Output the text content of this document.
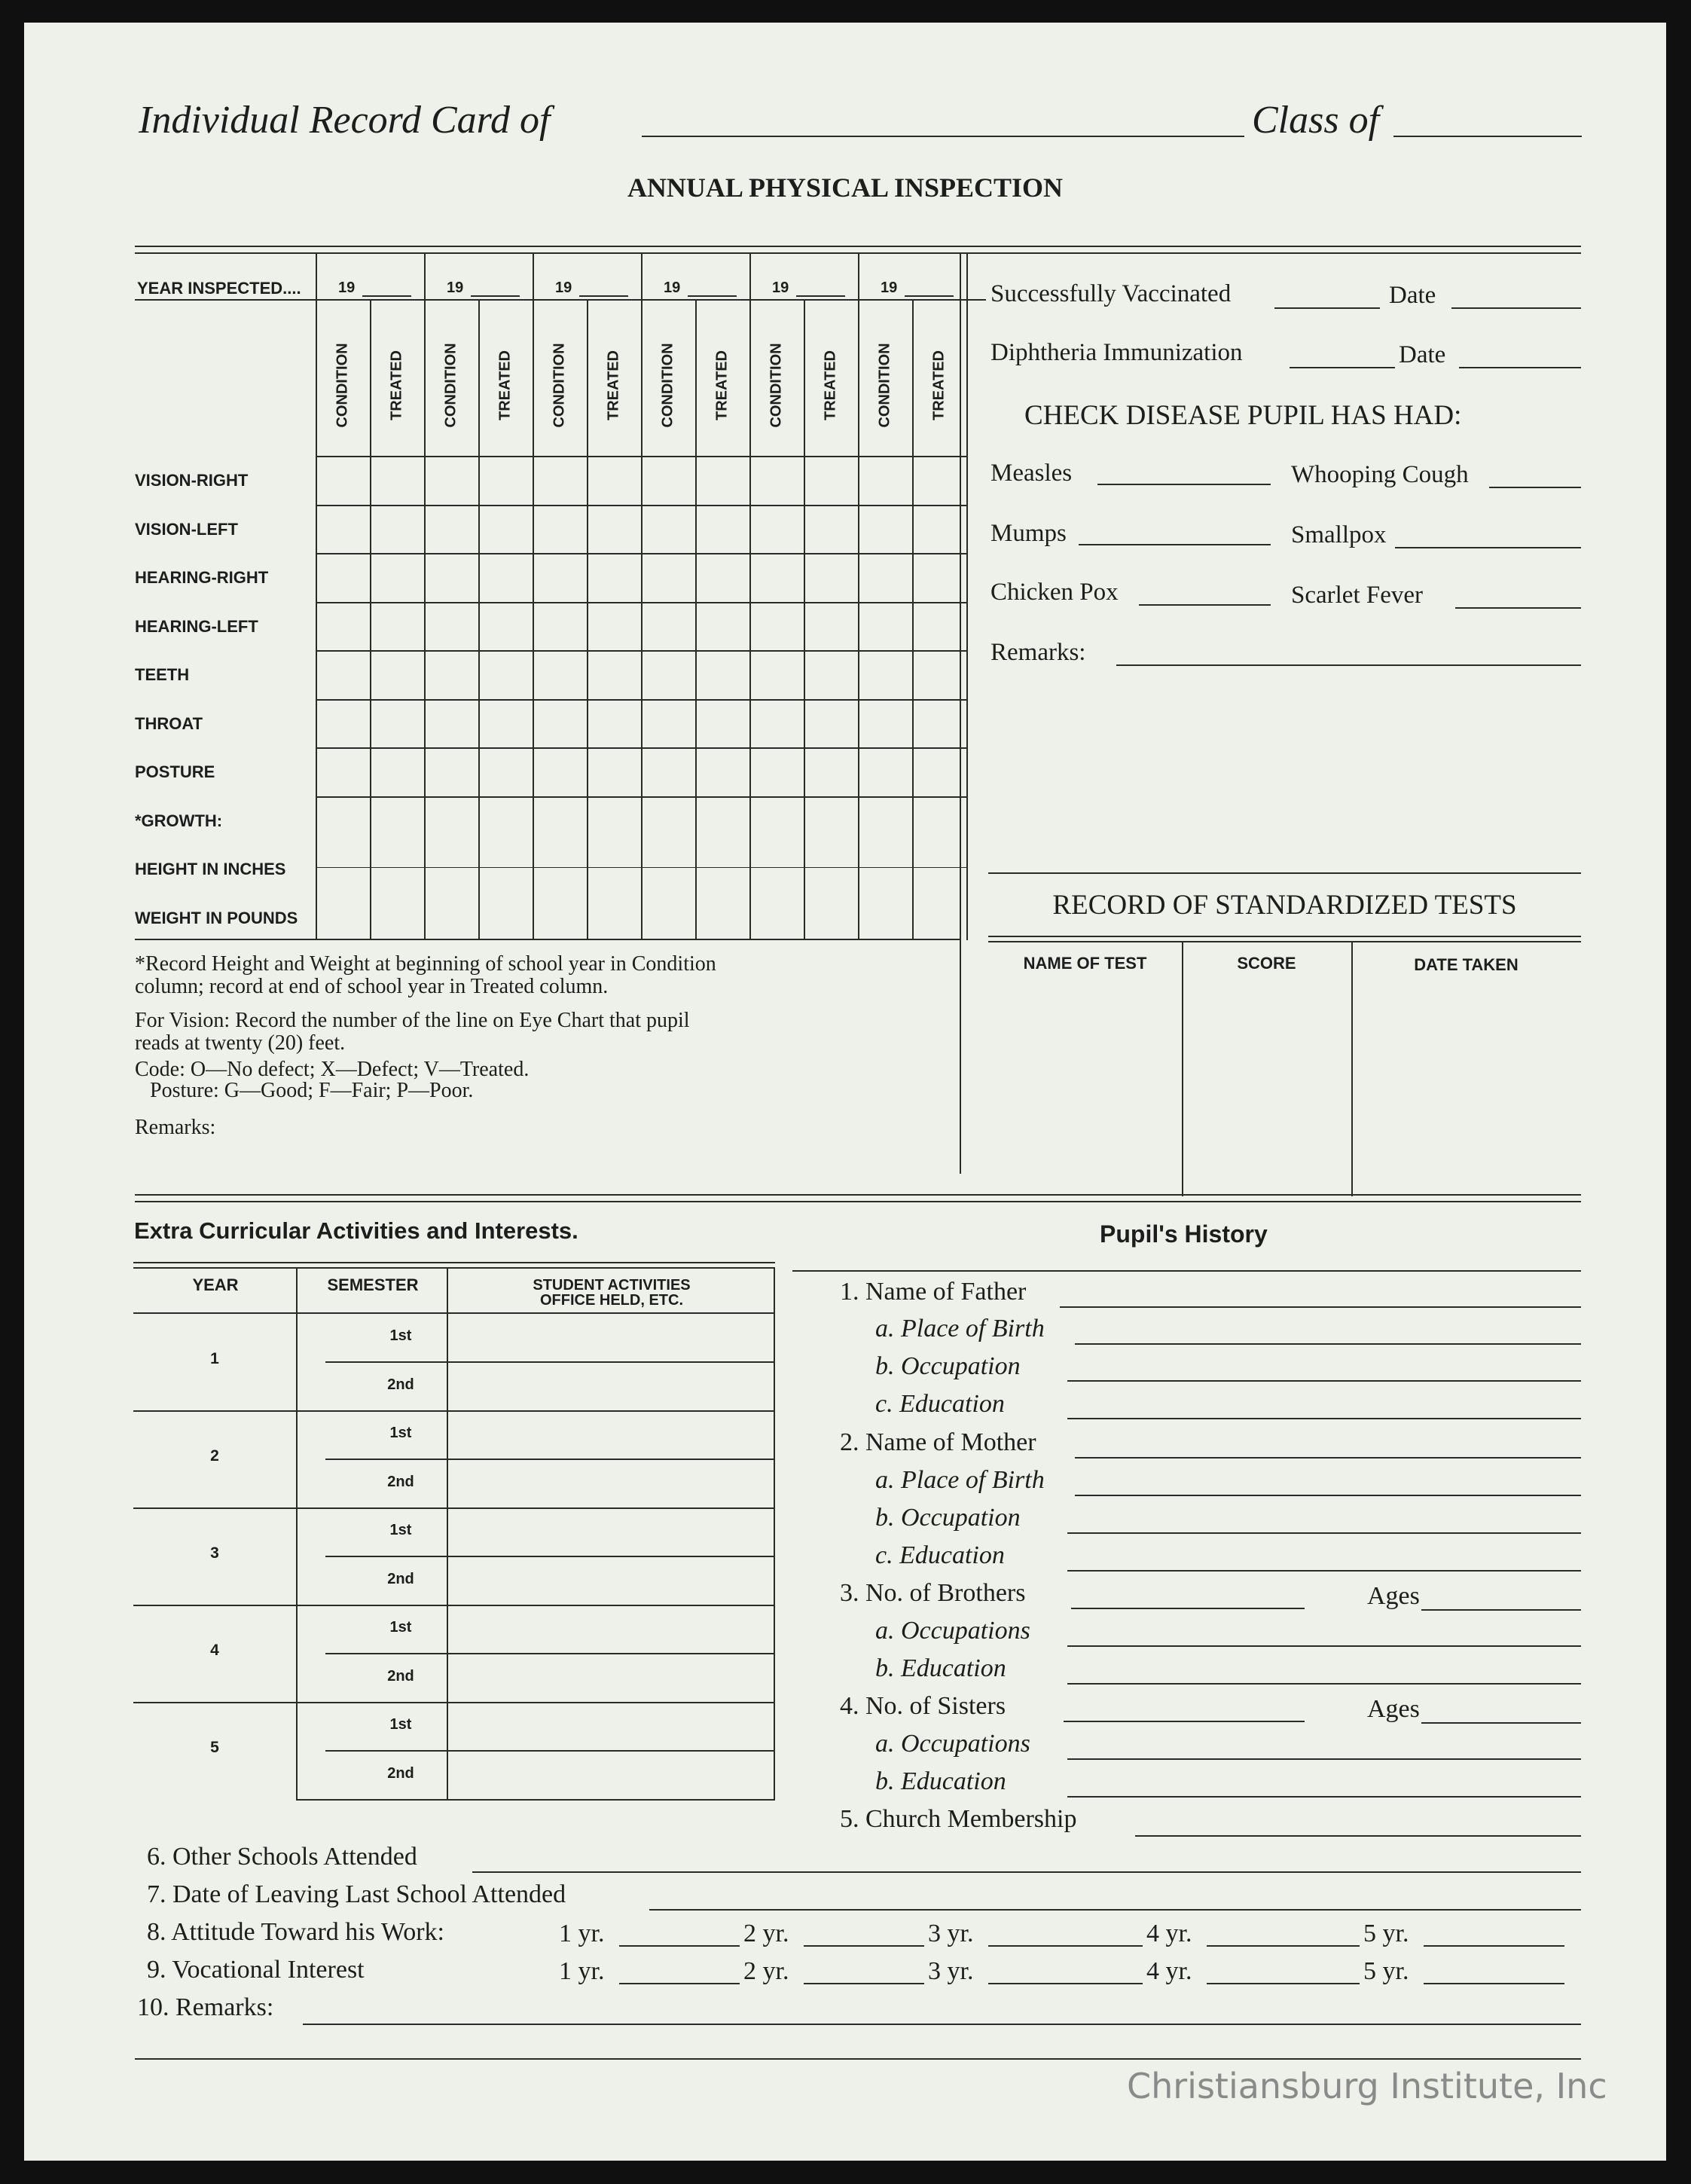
Individual Record Card of	Class of
ANNUAL PHYSICAL INSPECTION
YEAR INSPECTED.... 19	19	19	19	19	19
CONDITION	TREATED	CONDITION	TREATED	CONDITION	TREATED	CONDITION	TREATED	CONDITION	TREATED	CONDITION	TREATED
VISION-RIGHT
VISION-LEFT
HEARING-RIGHT
HEARING-LEFT
TEETH
THROAT
POSTURE
*GROWTH:
HEIGHT IN INCHES
WEIGHT IN POUNDS
*Record Height and Weight at beginning of school year in Condition
column; record at end of school year in Treated column.
For Vision: Record the number of the line on Eye Chart that pupil
reads at twenty (20) feet.
Code: O—No defect; X—Defect; V—Treated.
Posture: G—Good; F—Fair; P—Poor.
Remarks:
Successfully Vaccinated	Date
Diphtheria Immunization	Date
CHECK DISEASE PUPIL HAS HAD:
Measles	Whooping Cough
Mumps	Smallpox
Chicken Pox	Scarlet Fever
Remarks:
RECORD OF STANDARDIZED TESTS
NAME OF TEST	SCORE	DATE TAKEN
Extra Curricular Activities and Interests.
YEAR	SEMESTER	STUDENT ACTIVITIES
OFFICE HELD, ETC.
1
1st
2nd
2
1st
2nd
3
1st
2nd
4
1st
2nd
5
1st
2nd
Pupil's History
1. Name of Father
a. Place of Birth
b. Occupation
c. Education
2. Name of Mother
a. Place of Birth
b. Occupation
c. Education
3. No. of Brothers	Ages
a. Occupations
b. Education
4. No. of Sisters	Ages
a. Occupations
b. Education
5. Church Membership
6. Other Schools Attended
7. Date of Leaving Last School Attended
8. Attitude Toward his Work:	1 yr.	2 yr.	3 yr.	4 yr.	5 yr.
9. Vocational Interest	1 yr.	2 yr.	3 yr.	4 yr.	5 yr.
10. Remarks:
Christiansburg Institute, Inc
